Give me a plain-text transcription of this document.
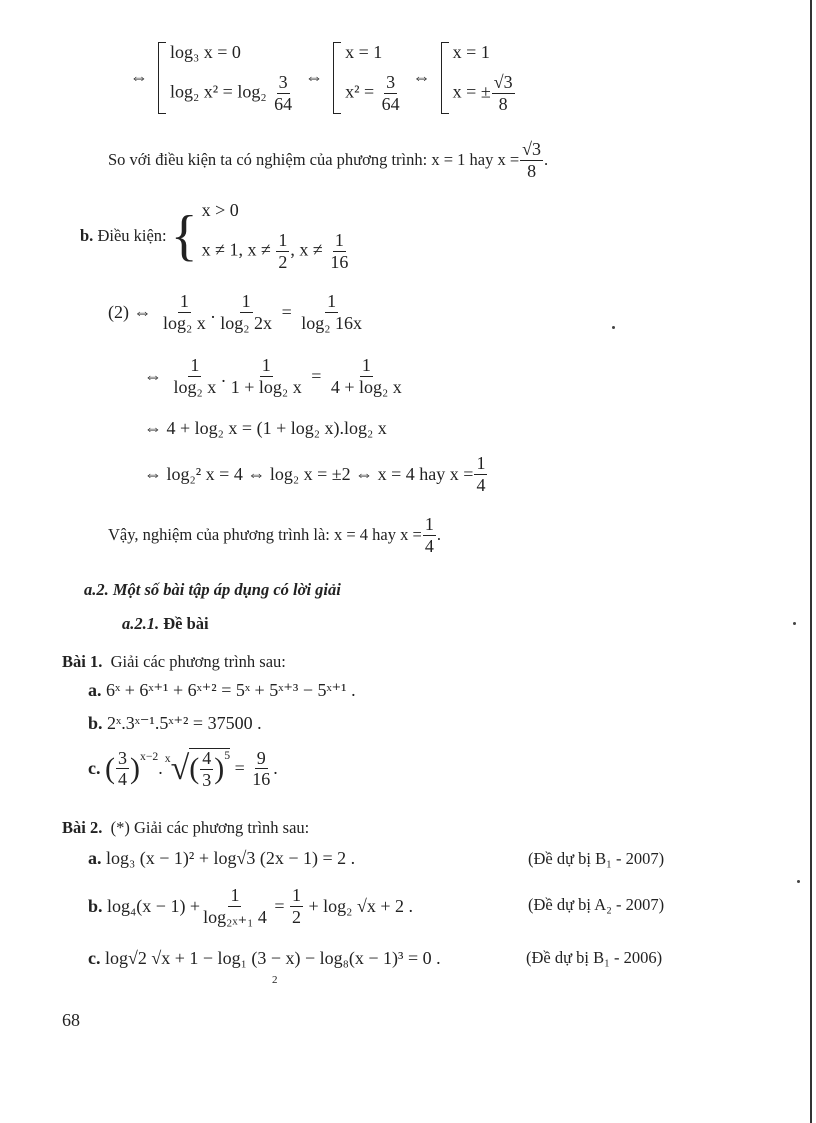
⇔
log₃ x = 0
log₂ $x^2 = \log_2 \frac{3}{64}$ ⇔
x = 1
$x^2 = \frac{3}{64}$ ⇔
x = 1
x = ± $\frac{√3}{8}$
So với điều kiện ta có nghiệm của phương trình: x = 1 hay $x = \frac{√3}{8}$ .
b.
Điều kiện:
{ x > 0
x ≠ 1, $x \ne \frac{1}{2}$ , $x \ne \frac{1}{16}$
(2) ⇔
$\frac{1}{\text{log₂ x}}$ . $\frac{1}{\text{log₂ 2x}} = \frac{1}{\text{log₂ 16x}}$
⇔
$\frac{1}{\text{log₂ x}}$ . $\frac{1}{\text{1 + log₂ x}} = \frac{1}{\text{4 + log₂ x}}$
⇔ 4 + log₂ x = (1 + log₂ x).log₂ x
⇔ log₂² x = 4 ⇔ log₂ x = ±2 ⇔ x = 4 hay $x = \frac{1}{4}$
Vậy, nghiệm của phương trình là: x = 4 hay $x = \frac{1}{4}$ .
a.2. Một số bài tập áp dụng có lời giải
a.2.1. Đề bài
Bài 1. Giải các phương trình sau:
a. 6ˣ + 6ˣ⁺¹ + 6ˣ⁺² = 5ˣ + 5ˣ⁺³ − 5ˣ⁺¹ .
b. 2ˣ.3ˣ⁻¹.5ˣ⁺² = 37500 .
c.
( $\frac{3}{4} )^{x-2}$
.$^x$ √ ( $\frac{4}{3} )^5$
= $\frac{9}{16}$ .
Bài 2. (*) Giải các phương trình sau:
a. log₃ (x − 1)² + log√3 (2x − 1) = 2 .	(Đề dự bị B₁ - 2007)
b.
$\log_4(x - 1) + \frac{1}{\text{log₂ₓ₊₁ 4}}$
=
$\frac{1}{2}$
+ log₂ √x + 2 .	(Đề dự bị A₂ - 2007)
c. log√2 √x + 1 − log₁ (3 − x) − log₈(x − 1)³ = 0 .
2
(Đề dự bị B₁ - 2006)
68
